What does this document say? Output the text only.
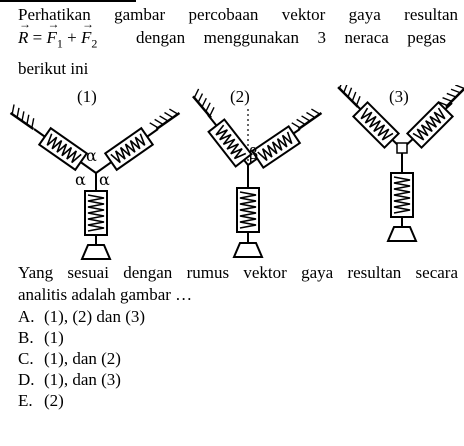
Perhatikan gambar percobaan vektor gaya resultan
→ R = → $F_1$ + → $F_2$ dengan menggunakan 3 neraca pegas
berikut ini
(1)
α
α α
(2)
β
(3)
Yang sesuai dengan rumus vektor gaya resultan secara
analitis adalah gambar …
A. (1), (2) dan (3)
B. (1)
C. (1), dan (2)
D. (1), dan (3)
E. (2)
